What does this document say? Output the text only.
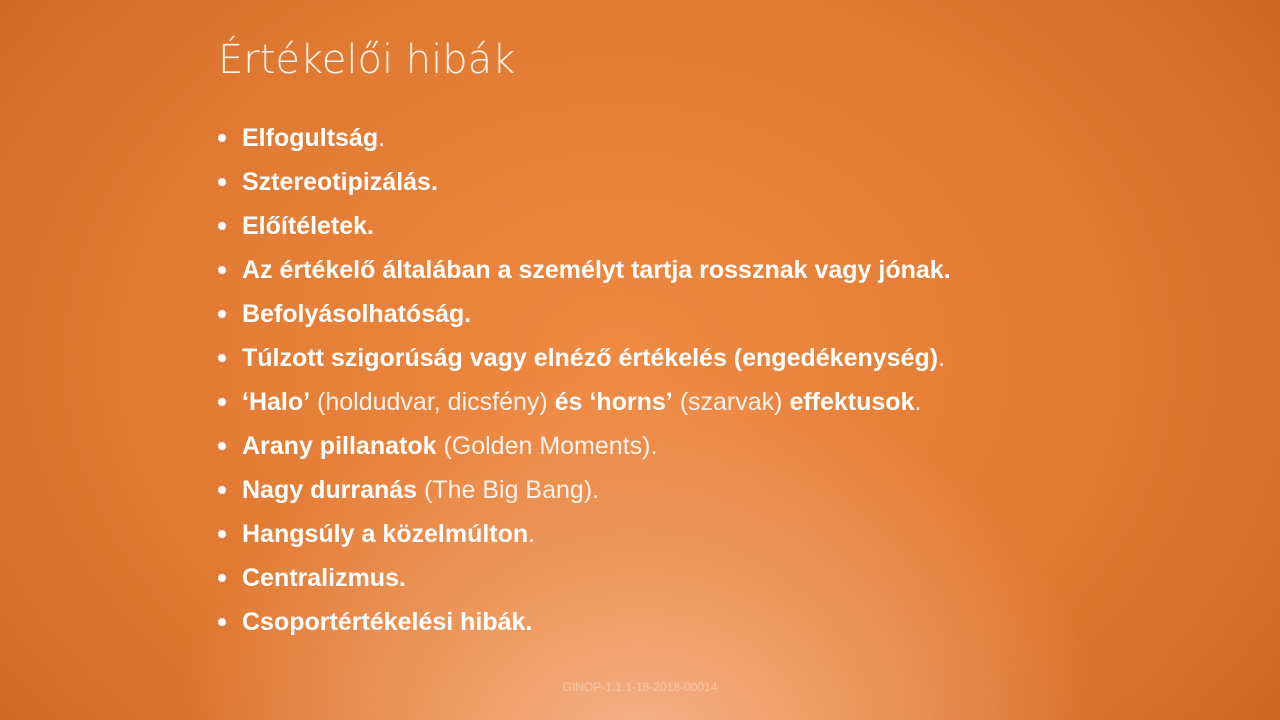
Értékelői hibák
Elfogultság.
Sztereotipizálás.
Előítéletek.
Az értékelő általában a személyt tartja rossznak vagy jónak.
Befolyásolhatóság.
Túlzott szigorúság vagy elnéző értékelés (engedékenység).
‘Halo’ (holdudvar, dicsfény) és ‘horns’ (szarvak) effektusok.
Arany pillanatok (Golden Moments).
Nagy durranás (The Big Bang).
Hangsúly a közelmúlton.
Centralizmus.
Csoportértékelési hibák.
GINOP-1.1.1-18-2018-00014
